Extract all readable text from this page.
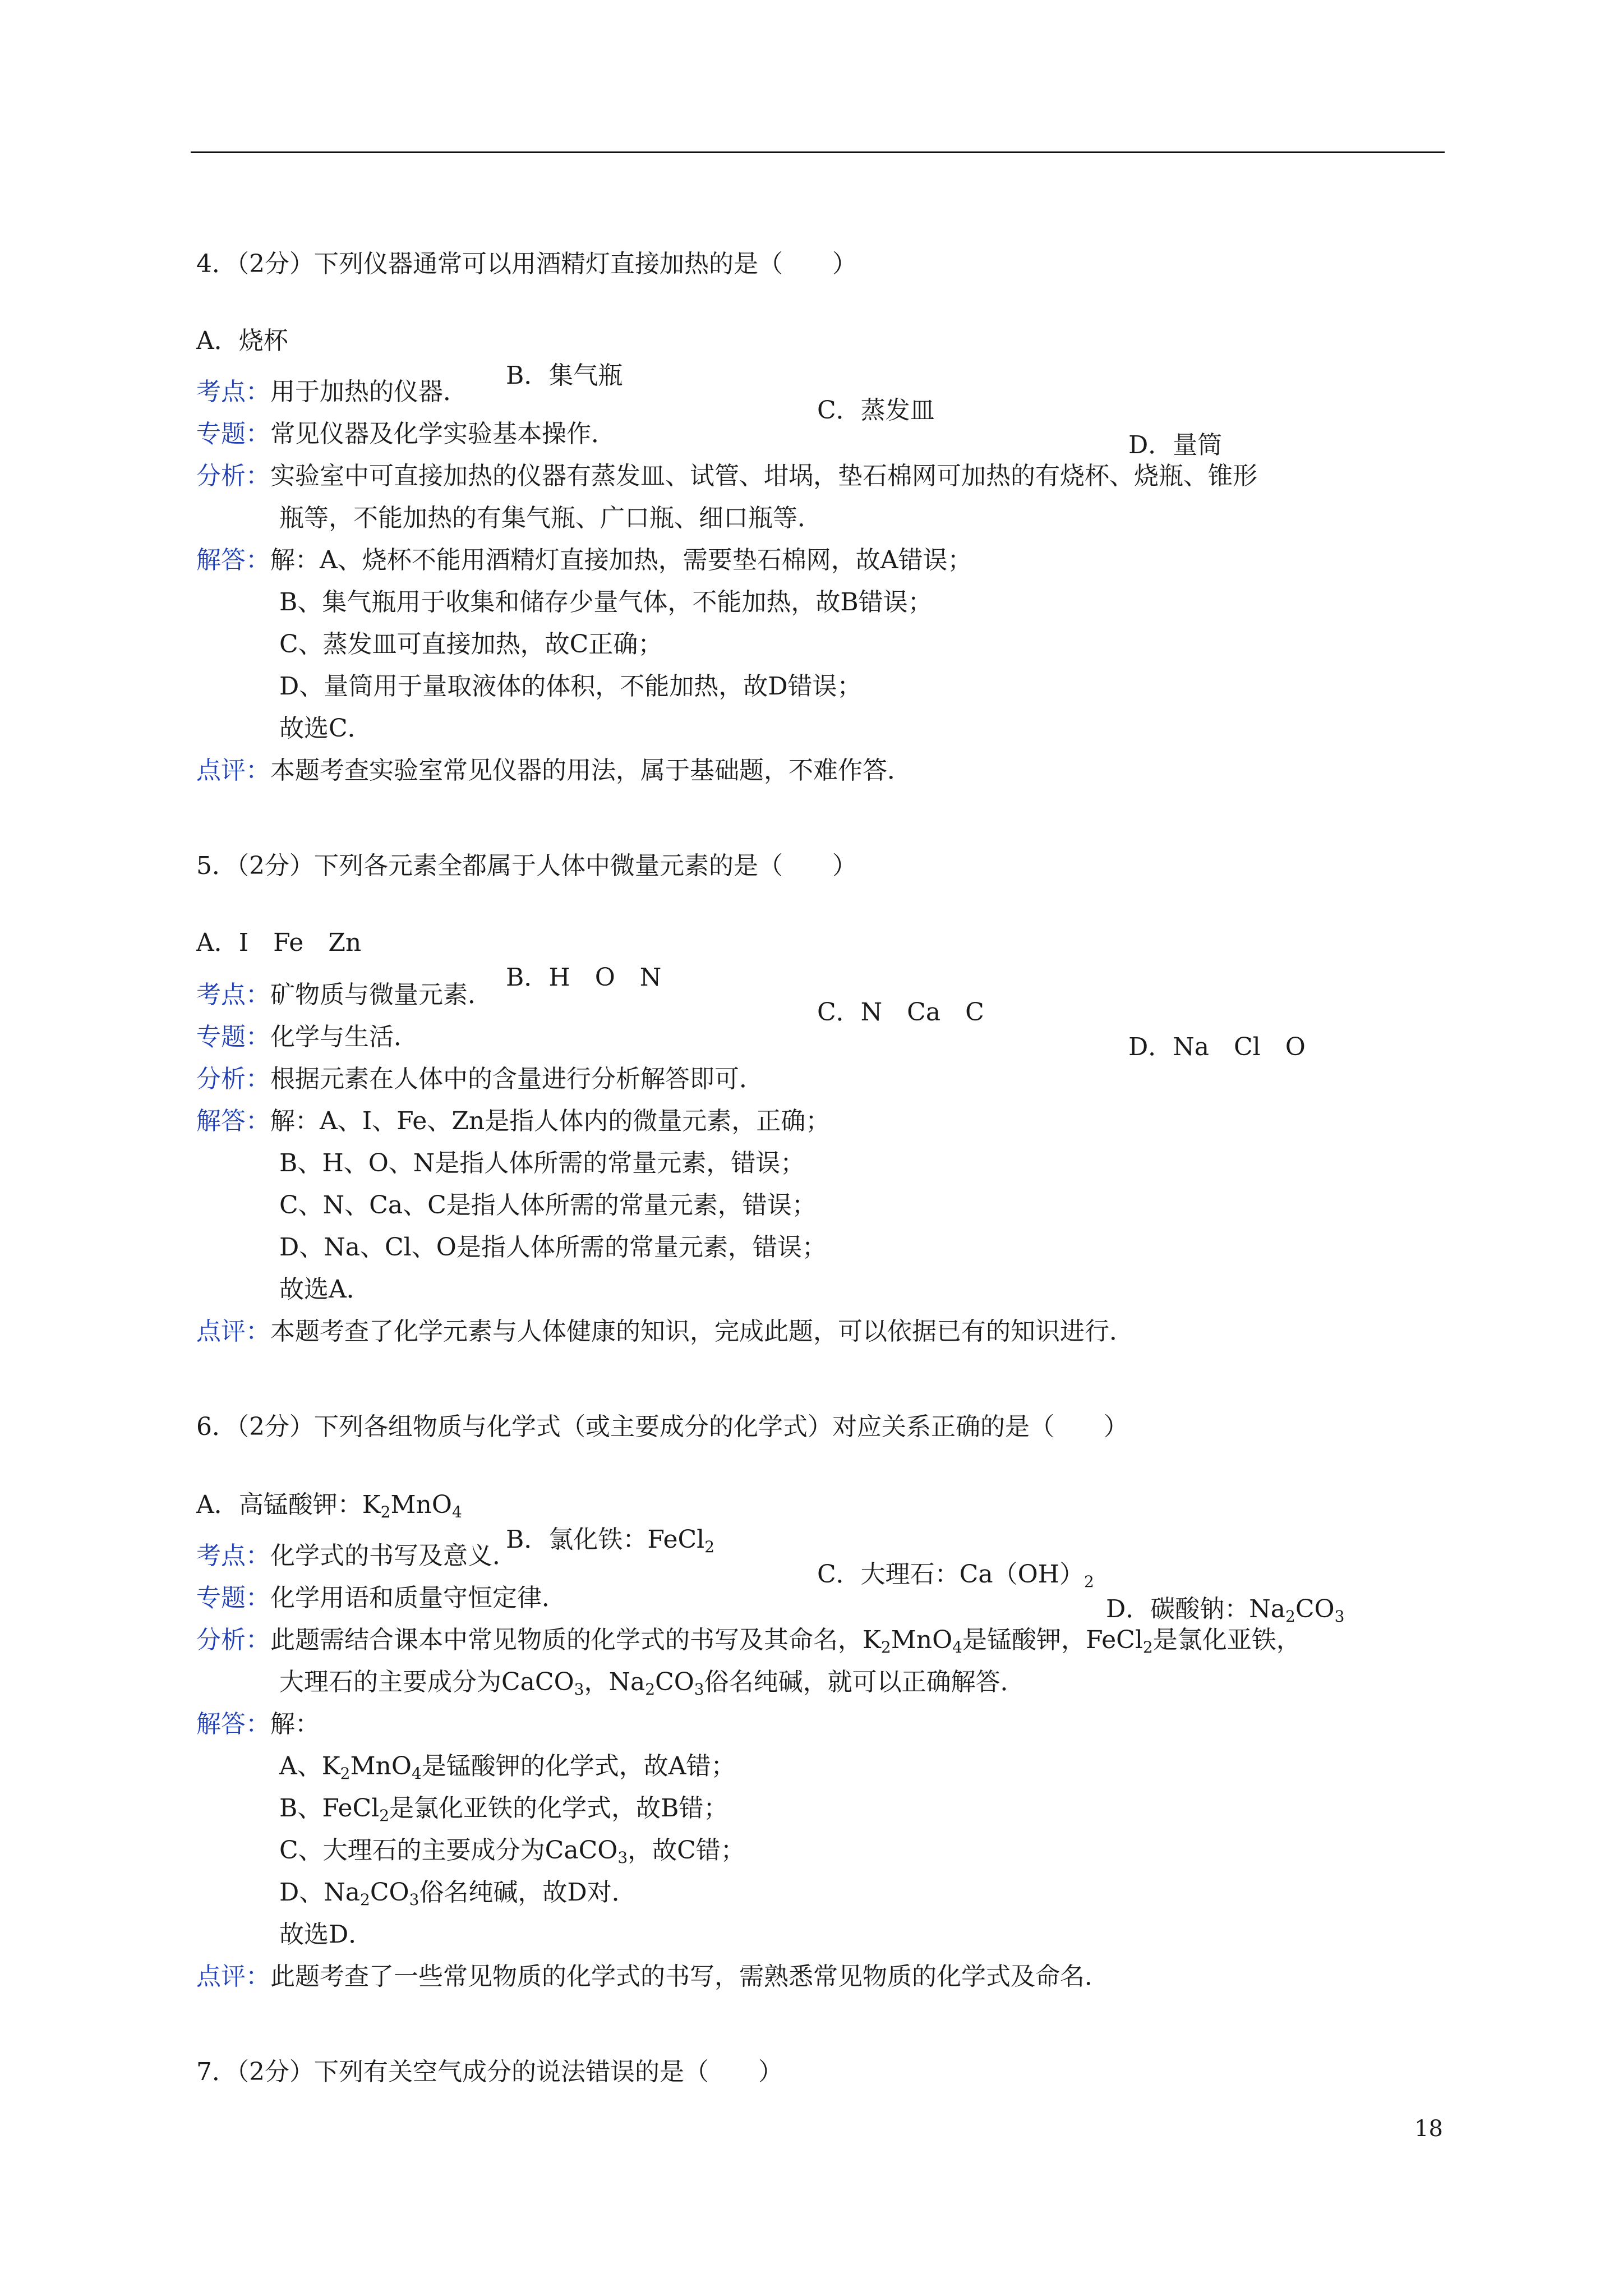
4．（2分）下列仪器通常可以用酒精灯直接加热的是（　　）

A．烧杯

B．集气瓶

C．蒸发皿

D．量筒

考点：用于加热的仪器．
专题：常见仪器及化学实验基本操作．
分析：实验室中可直接加热的仪器有蒸发皿、试管、坩埚，垫石棉网可加热的有烧杯、烧瓶、锥形
瓶等，不能加热的有集气瓶、广口瓶、细口瓶等．
解答：解：A、烧杯不能用酒精灯直接加热，需要垫石棉网，故A错误；
B、集气瓶用于收集和储存少量气体，不能加热，故B错误；
C、蒸发皿可直接加热，故C正确；
D、量筒用于量取液体的体积，不能加热，故D错误；
故选C．
点评：本题考查实验室常见仪器的用法，属于基础题，不难作答．
5．（2分）下列各元素全都属于人体中微量元素的是（　　）

A．I　Fe　Zn

B．H　O　N

C．N　Ca　C

D．Na　Cl　O

考点：矿物质与微量元素．
专题：化学与生活．
分析：根据元素在人体中的含量进行分析解答即可．
解答：解：A、I、Fe、Zn是指人体内的微量元素，正确；
B、H、O、N是指人体所需的常量元素，错误；
C、N、Ca、C是指人体所需的常量元素，错误；
D、Na、Cl、O是指人体所需的常量元素，错误；
故选A．
点评：本题考查了化学元素与人体健康的知识，完成此题，可以依据已有的知识进行．
6．（2分）下列各组物质与化学式（或主要成分的化学式）对应关系正确的是（　　）

A．高锰酸钾：$K_2MnO_4$

B．氯化铁：FeCl$_2$

C．大理石：$Ca(OH)_2$

D．碳酸钠：$Na_2CO_3$

考点：化学式的书写及意义．
专题：化学用语和质量守恒定律．
分析：此题需结合课本中常见物质的化学式的书写及其命名，$K_2MnO_4$是锰酸钾，FeCl$_2$是氯化亚铁，
大理石的主要成分为CaCO$_3$，$Na_2CO_3$俗名纯碱，就可以正确解答．
解答：解：
A、$K_2MnO_4$是锰酸钾的化学式，故A错；
B、FeCl$_2$是氯化亚铁的化学式，故B错；
C、大理石的主要成分为CaCO$_3$，故C错；
D、$Na_2CO_3$俗名纯碱，故D对．
故选D．
点评：此题考查了一些常见物质的化学式的书写，需熟悉常见物质的化学式及命名．
7．（2分）下列有关空气成分的说法错误的是（　　）
18
